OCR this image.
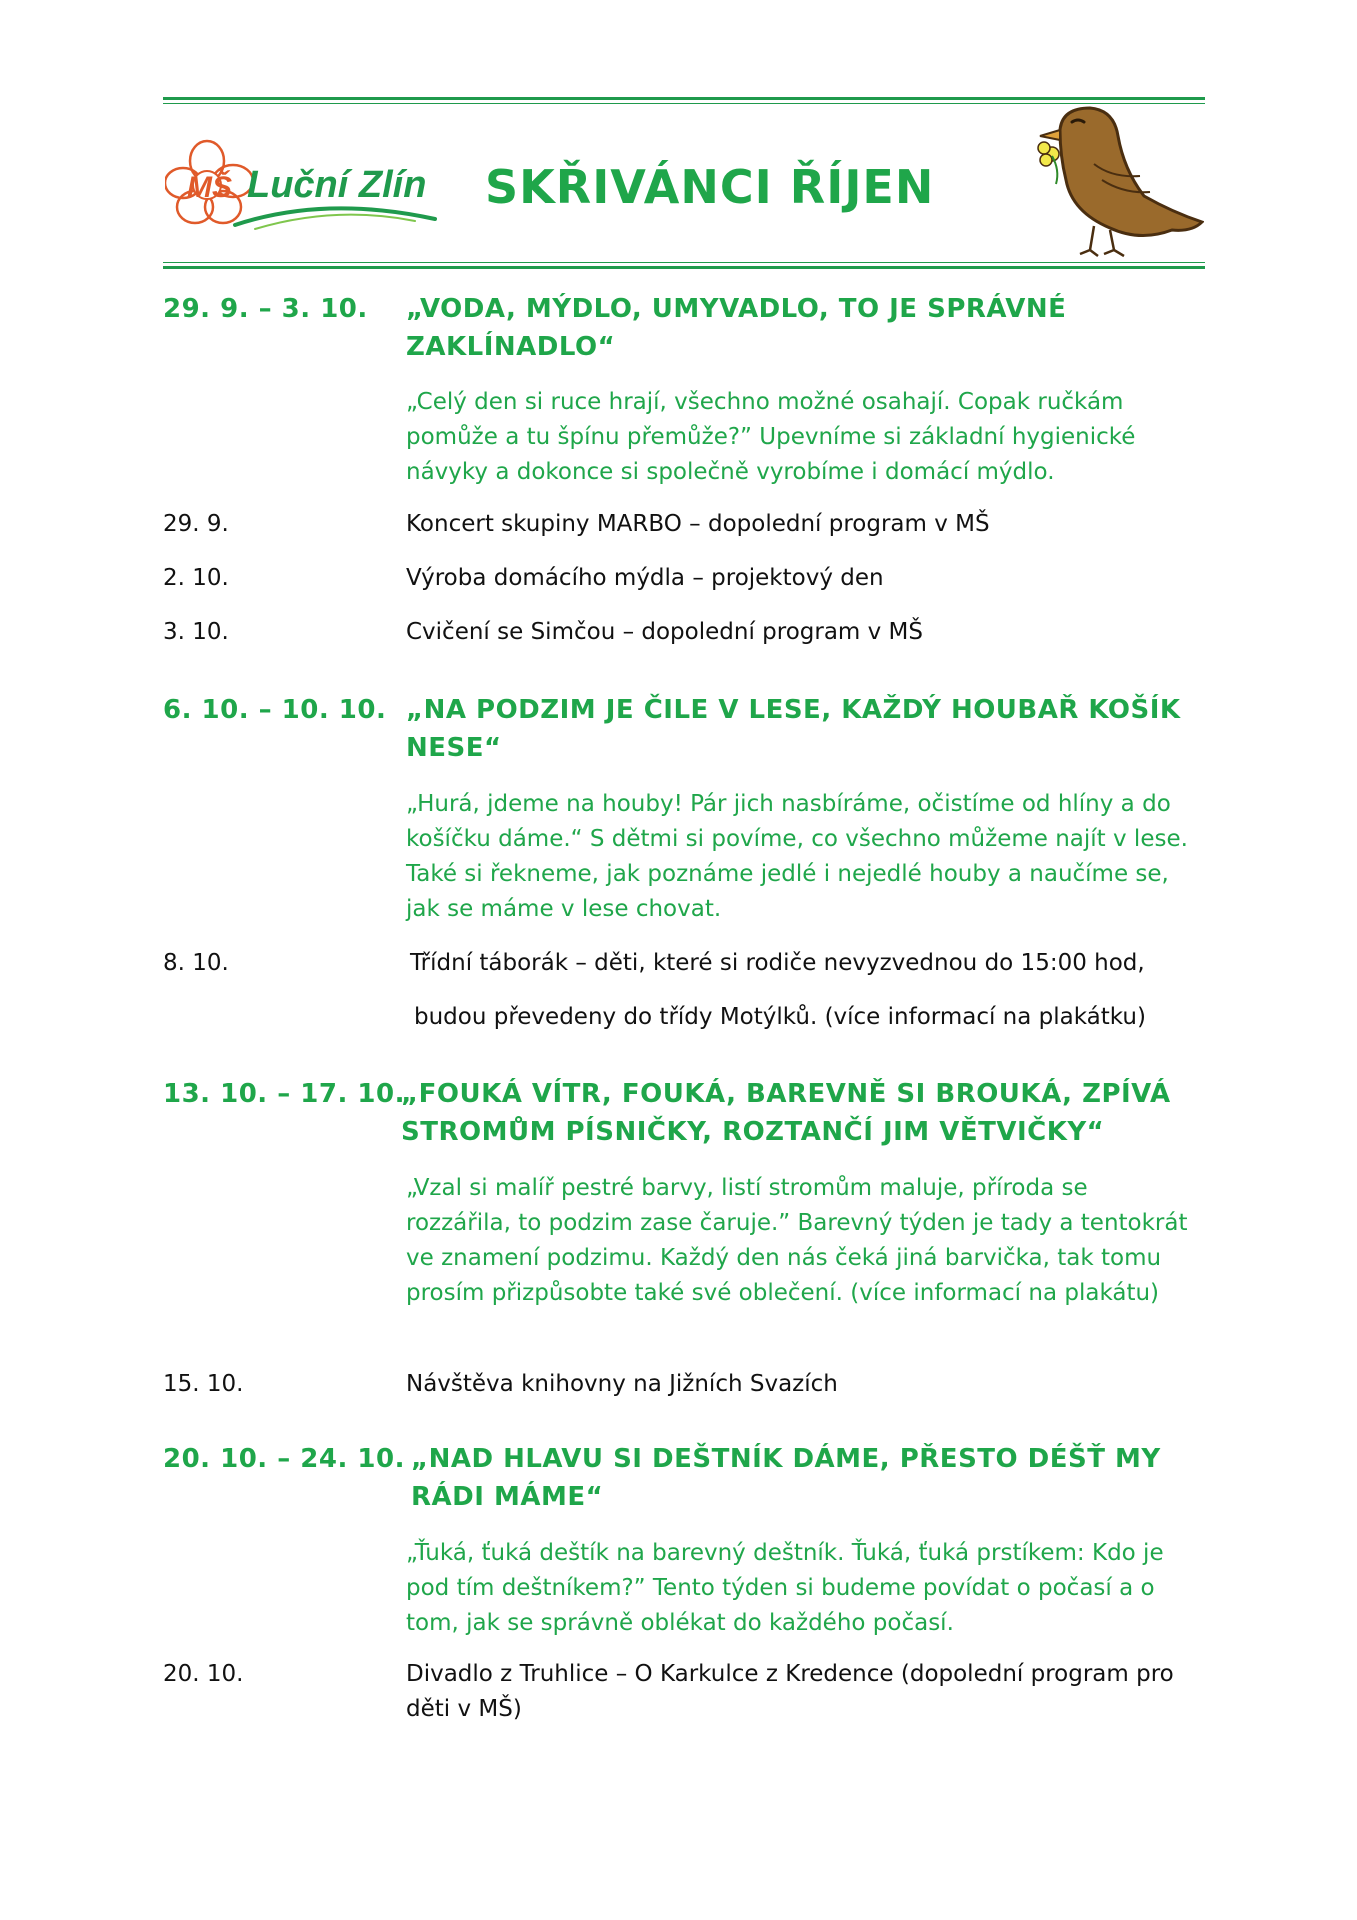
MŠ Luční Zlín SKŘIVÁNCI ŘÍJEN
29. 9. – 3. 10. „VODA, MÝDLO, UMYVADLO, TO JE SPRÁVNÉ ZAKLÍNADLO“
„Celý den si ruce hrají, všechno možné osahají. Copak ručkám pomůže a tu špínu přemůže?” Upevníme si základní hygienické návyky a dokonce si společně vyrobíme i domácí mýdlo.
29. 9.	Koncert skupiny MARBO – dopolední program v MŠ
2. 10.	Výroba domácího mýdla – projektový den
3. 10.	Cvičení se Simčou – dopolední program v MŠ
6. 10. – 10. 10. „NA PODZIM JE ČILE V LESE, KAŽDÝ HOUBAŘ KOŠÍK NESE“
„Hurá, jdeme na houby! Pár jich nasbíráme, očistíme od hlíny a do košíčku dáme.“ S dětmi si povíme, co všechno můžeme najít v lese. Také si řekneme, jak poznáme jedlé i nejedlé houby a naučíme se, jak se máme v lese chovat.
8. 10.	Třídní táborák – děti, které si rodiče nevyzvednou do 15:00 hod,
budou převedeny do třídy Motýlků. (více informací na plakátku)
13. 10. – 17. 10.
„FOUKÁ VÍTR, FOUKÁ, BAREVNĚ SI BROUKÁ, ZPÍVÁ STROMŮM PÍSNIČKY, ROZTANČÍ JIM VĚTVIČKY“
„Vzal si malíř pestré barvy, listí stromům maluje, příroda se rozzářila, to podzim zase čaruje.” Barevný týden je tady a tentokrát ve znamení podzimu. Každý den nás čeká jiná barvička, tak tomu prosím přizpůsobte také své oblečení. (více informací na plakátu)
15. 10.	Návštěva knihovny na Jižních Svazích
20. 10. – 24. 10. „NAD HLAVU SI DEŠTNÍK DÁME, PŘESTO DÉŠŤ MY RÁDI MÁME“
„Ťuká, ťuká deštík na barevný deštník. Ťuká, ťuká prstíkem: Kdo je pod tím deštníkem?” Tento týden si budeme povídat o počasí a o tom, jak se správně oblékat do každého počasí.
20. 10.	Divadlo z Truhlice – O Karkulce z Kredence (dopolední program pro děti v MŠ)
